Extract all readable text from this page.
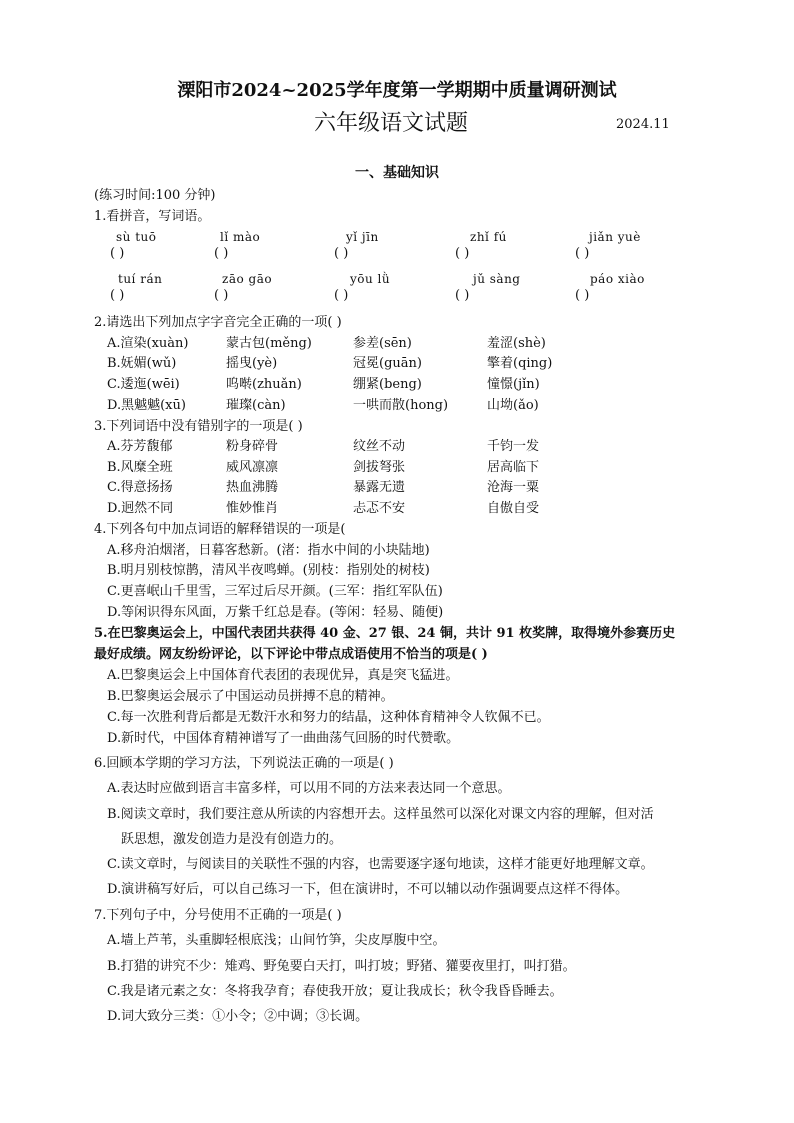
溧阳市2024~2025学年度第一学期期中质量调研测试
六年级语文试题	2024.11
一、基础知识
(练习时间:100 分钟)
1.看拼音，写词语。
sù tuō	lǐ mào	yǐ jīn	zhǐ fú	jiǎn yuè
( )	( )	( )	( )	( )
tuí rán	zāo gāo	yōu lǜ	jǔ sàng	páo xiào
( )	( )	( )	( )	( )
2.请选出下列加点字字音完全正确的一项( )
A.渲染(xuàn)	蒙古包(měng)	参差(sēn)	羞涩(shè)
B.妩媚(wǔ)	摇曳(yè)	冠冕(guān)	擎着(qing)
C.逶迤(wēi)	呜啭(zhuǎn)	绷紧(beng)	憧憬(jǐn)
D.黑魆魆(xū)	璀璨(càn)	一哄而散(hong)	山坳(ǎo)
3.下列词语中没有错别字的一项是( )
A.芬芳馥郁	粉身碎骨	纹丝不动	千钧一发
B.风糜全班	威风凛凛	剑拔弩张	居高临下
C.得意扬扬	热血沸腾	暴露无遗	沧海一粟
D.迥然不同	惟妙惟肖	忐忑不安	自傲自受
4.下列各句中加点词语的解释错误的一项是(
A.移舟泊烟渚，日暮客愁新。(渚：指水中间的小块陆地)
B.明月别枝惊鹊，清风半夜鸣蝉。(别枝：指别处的树枝)
C.更喜岷山千里雪，三军过后尽开颜。(三军：指红军队伍)
D.等闲识得东风面，万紫千红总是春。(等闲：轻易、随便)
5.在巴黎奥运会上，中国代表团共获得 40 金、27 银、24 铜，共计 91 枚奖牌，取得境外参赛历史
最好成绩。网友纷纷评论，以下评论中带点成语使用不恰当的项是( )
A.巴黎奥运会上中国体育代表团的表现优异，真是突飞猛进。
B.巴黎奥运会展示了中国运动员拼搏不息的精神。
C.每一次胜利背后都是无数汗水和努力的结晶，这种体育精神令人钦佩不已。
D.新时代，中国体育精神谱写了一曲曲荡气回肠的时代赞歌。
6.回顾本学期的学习方法，下列说法正确的一项是( )
A.表达时应做到语言丰富多样，可以用不同的方法来表达同一个意思。
B.阅读文章时，我们要注意从所读的内容想开去。这样虽然可以深化对课文内容的理解，但对活
跃思想，激发创造力是没有创造力的。
C.读文章时，与阅读目的关联性不强的内容，也需要逐字逐句地读，这样才能更好地理解文章。
D.演讲稿写好后，可以自己练习一下，但在演讲时，不可以辅以动作强调要点这样不得体。
7.下列句子中，分号使用不正确的一项是( )
A.墙上芦苇，头重脚轻根底浅；山间竹笋，尖皮厚腹中空。
B.打猎的讲究不少：雉鸡、野兔要白天打，叫打坡；野猪、獾要夜里打，叫打猎。
C.我是诸元素之女：冬将我孕育；春使我开放；夏让我成长；秋令我昏昏睡去。
D.词大致分三类：①小令；②中调；③长调。
